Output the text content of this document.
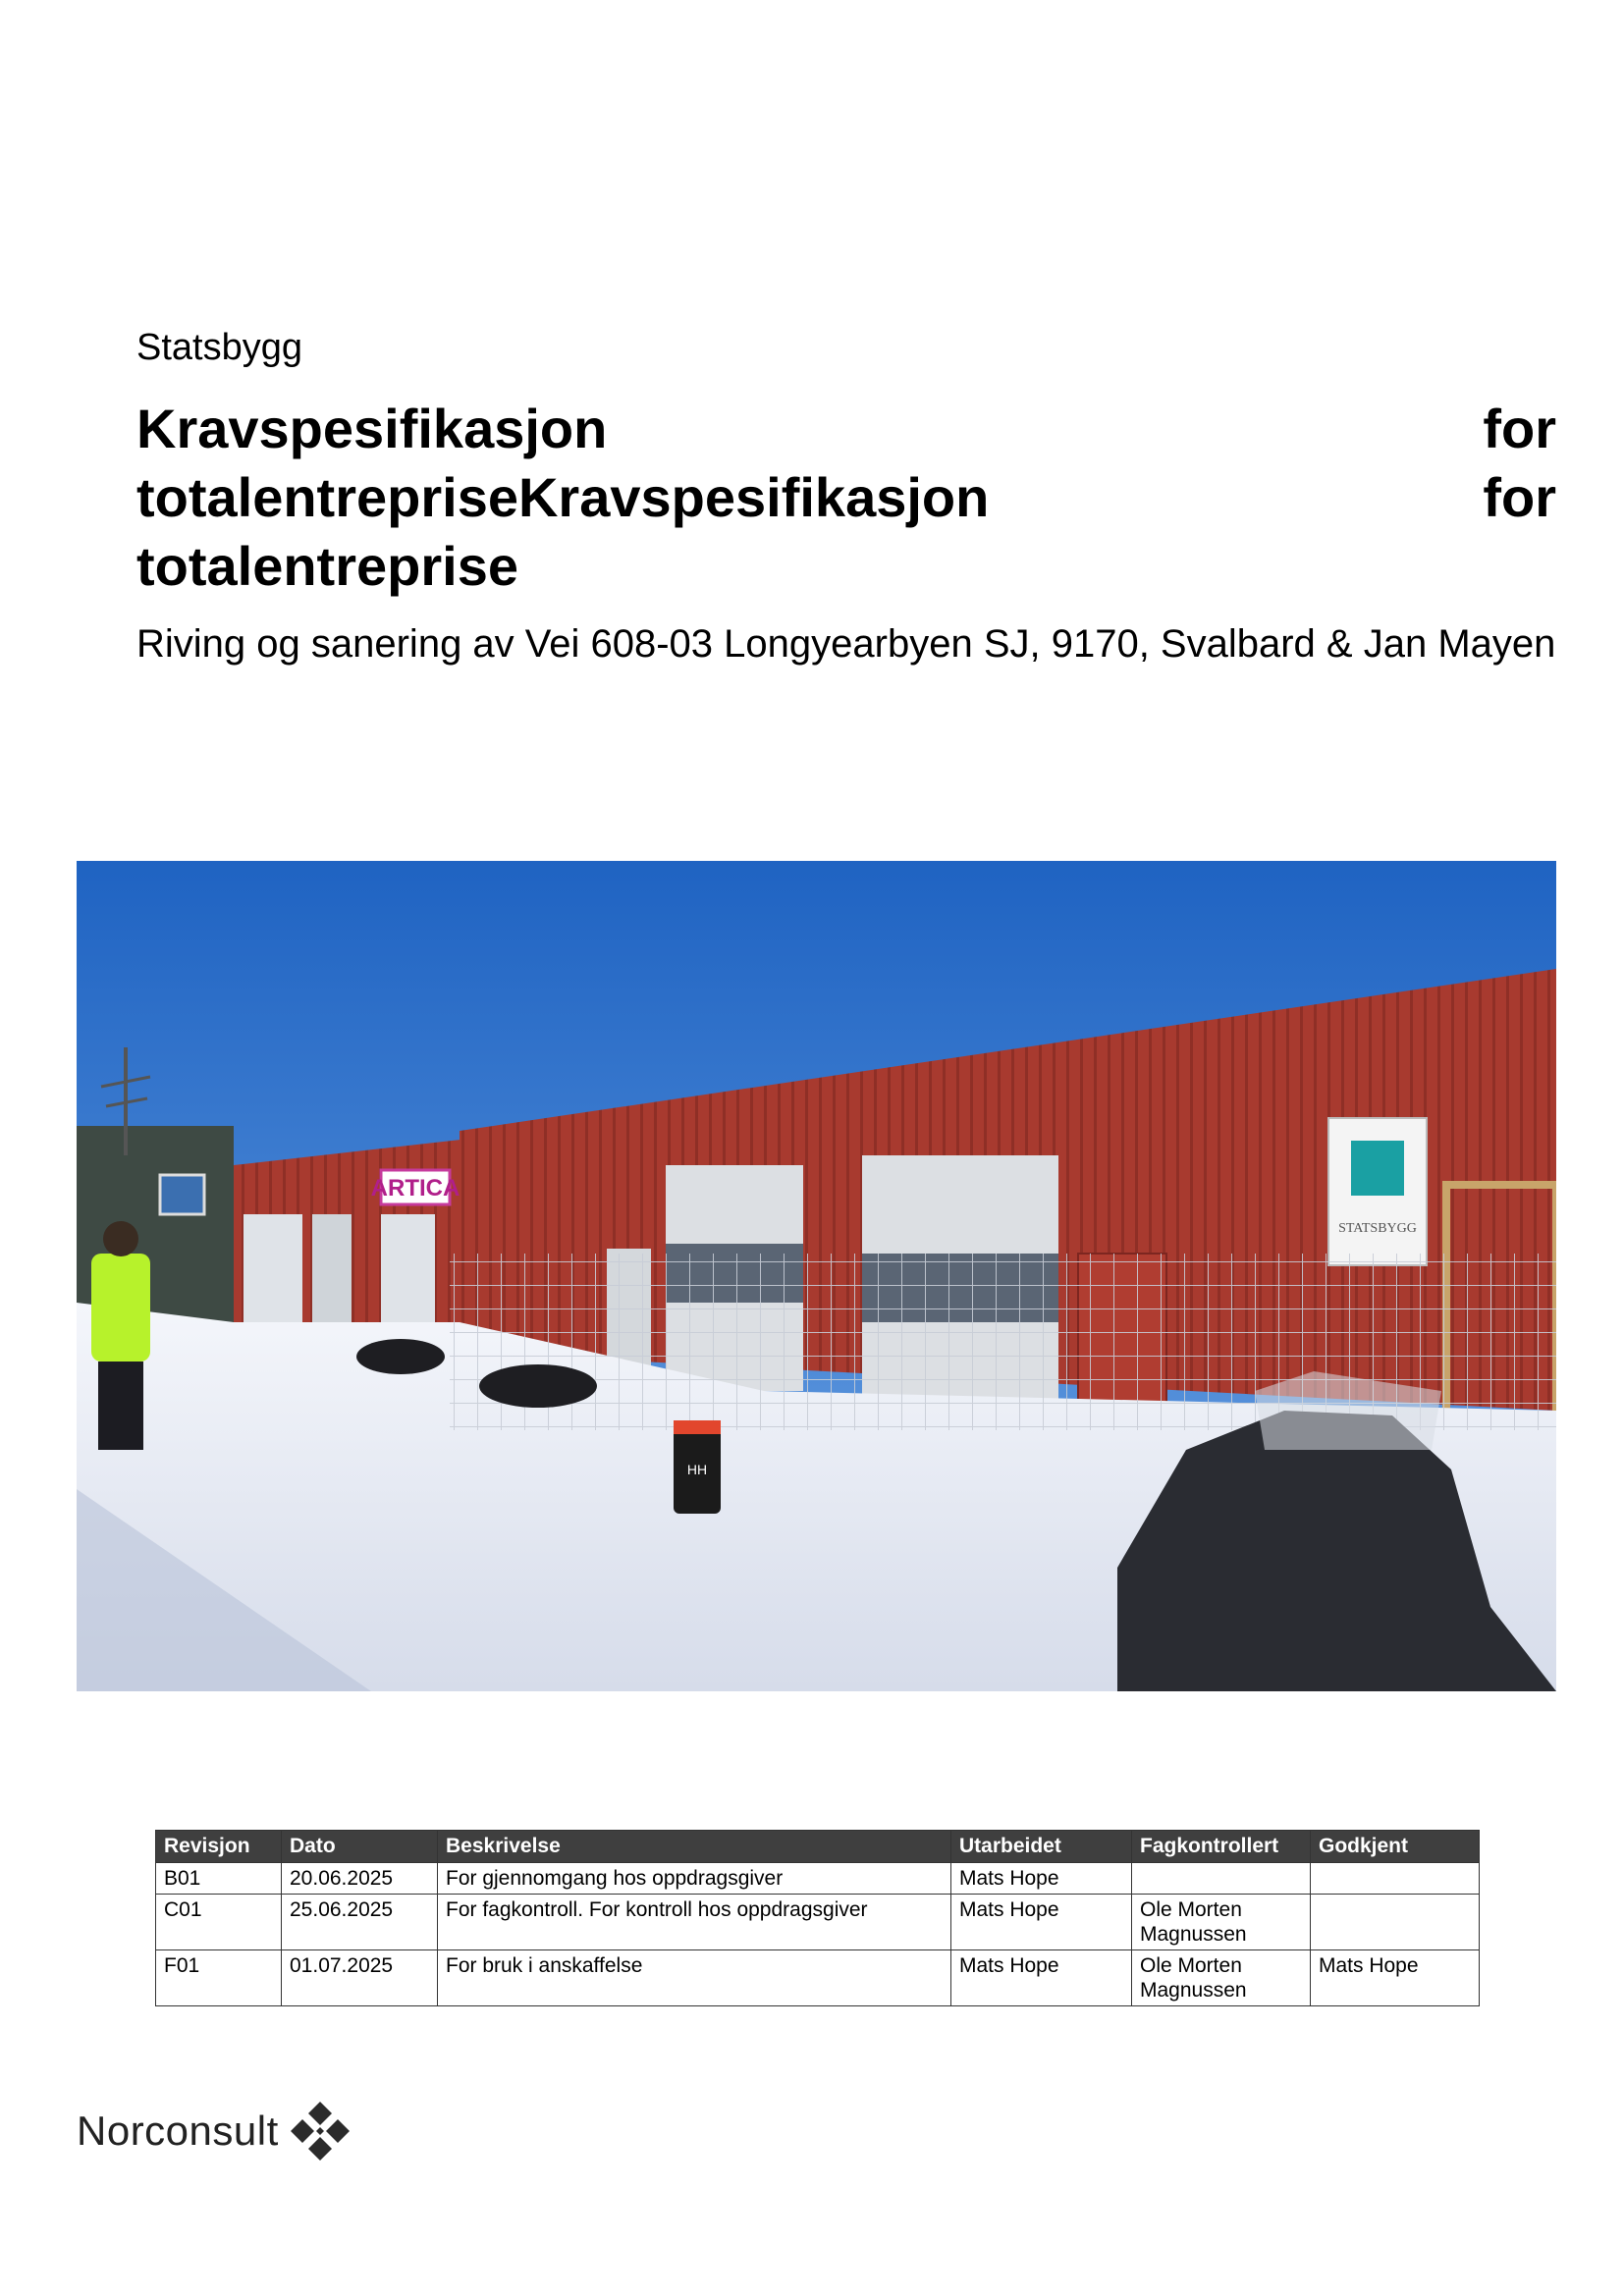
Statsbygg
Kravspesifikasjon	for
totalentrepriseKravspesifikasjon	for
totalentreprise
Riving og sanering av Vei 608-03 Longyearbyen SJ, 9170, Svalbard & Jan Mayen
ARTICA
STATSBYGG
HH
Revisjon	Dato	Beskrivelse	Utarbeidet	Fagkontrollert	Godkjent
B01	20.06.2025	For gjennomgang hos oppdragsgiver	Mats Hope		
C01	25.06.2025	For fagkontroll. For kontroll hos oppdragsgiver	Mats Hope	Ole Morten Magnussen	
F01	01.07.2025	For bruk i anskaffelse	Mats Hope	Ole Morten Magnussen	Mats Hope
Norconsult
